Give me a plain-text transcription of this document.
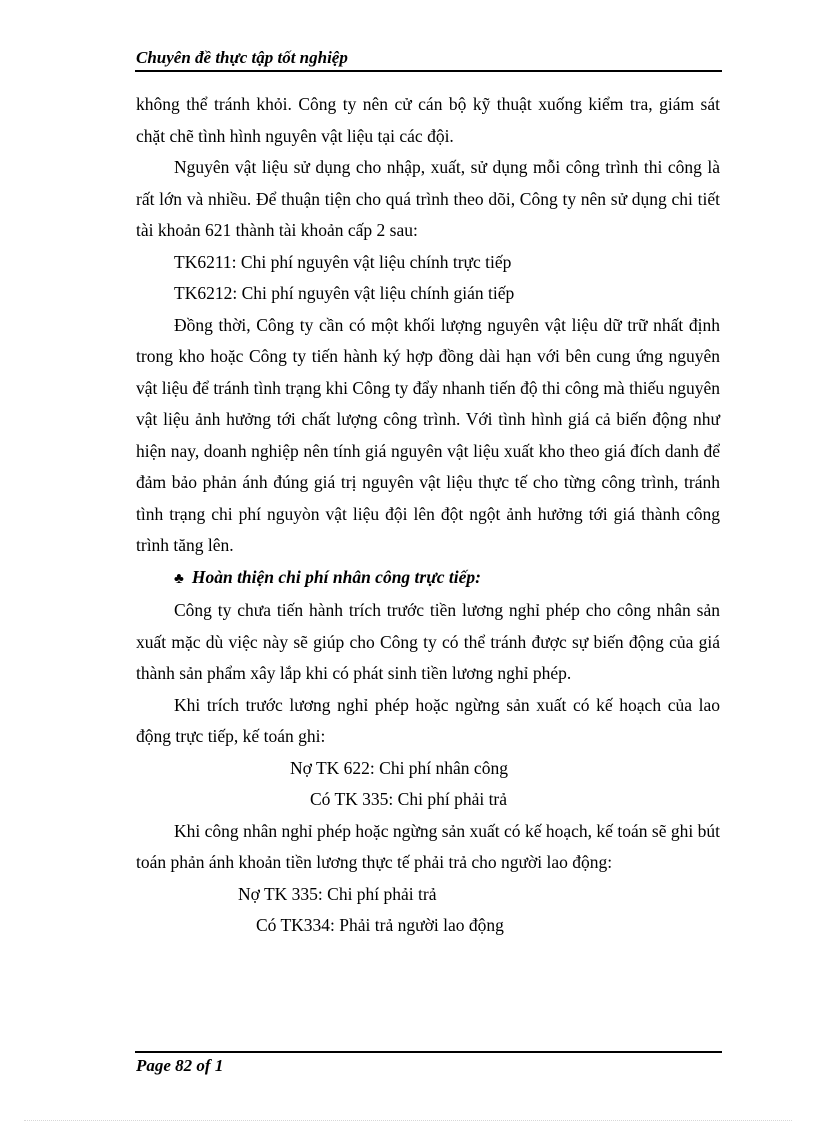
Chuyên đề thực tập tốt nghiệp

không thể tránh khỏi. Công ty nên cử cán bộ kỹ thuật xuống kiểm tra, giám sát chặt chẽ tình hình nguyên vật liệu tại các đội.

Nguyên vật liệu sử dụng cho nhập, xuất, sử dụng mỗi công trình thi công là rất lớn và nhiều. Để thuận tiện cho quá trình theo dõi, Công ty nên sử dụng chi tiết tài khoản 621 thành tài khoản cấp 2 sau:

TK6211: Chi phí nguyên vật liệu chính trực tiếp
TK6212: Chi phí nguyên vật liệu chính gián tiếp

Đồng thời, Công ty cần có một khối lượng nguyên vật liệu dữ trữ nhất định trong kho hoặc Công ty tiến hành ký hợp đồng dài hạn với bên cung ứng nguyên vật liệu để tránh tình trạng khi Công ty đẩy nhanh tiến độ thi công mà thiếu nguyên vật liệu ảnh hưởng tới chất lượng công trình. Với tình hình giá cả biến động như hiện nay, doanh nghiệp nên tính giá nguyên vật liệu xuất kho theo giá đích danh để đảm bảo phản ánh đúng giá trị nguyên vật liệu thực tế cho từng công trình, tránh tình trạng chi phí nguyòn vật liệu đội lên đột ngột ảnh hưởng tới giá thành công trình tăng lên.

♣ Hoàn thiện chi phí nhân công trực tiếp:

Công ty chưa tiến hành trích trước tiền lương nghỉ phép cho công nhân sản xuất mặc dù việc này sẽ giúp cho Công ty có thể tránh được sự biến động của giá thành sản phẩm xây lắp khi có phát sinh tiền lương nghỉ phép.

Khi trích trước lương nghỉ phép hoặc ngừng sản xuất có kế hoạch của lao động trực tiếp, kế toán ghi:

Nợ TK 622: Chi phí nhân công
Có TK 335: Chi phí phải trả

Khi công nhân nghỉ phép hoặc ngừng sản xuất có kế hoạch, kế toán sẽ ghi bút toán phản ánh khoản tiền lương thực tế phải trả cho người lao động:

Nợ TK 335: Chi phí phải trả
Có TK334: Phải trả người lao động
Page 82 of 1
